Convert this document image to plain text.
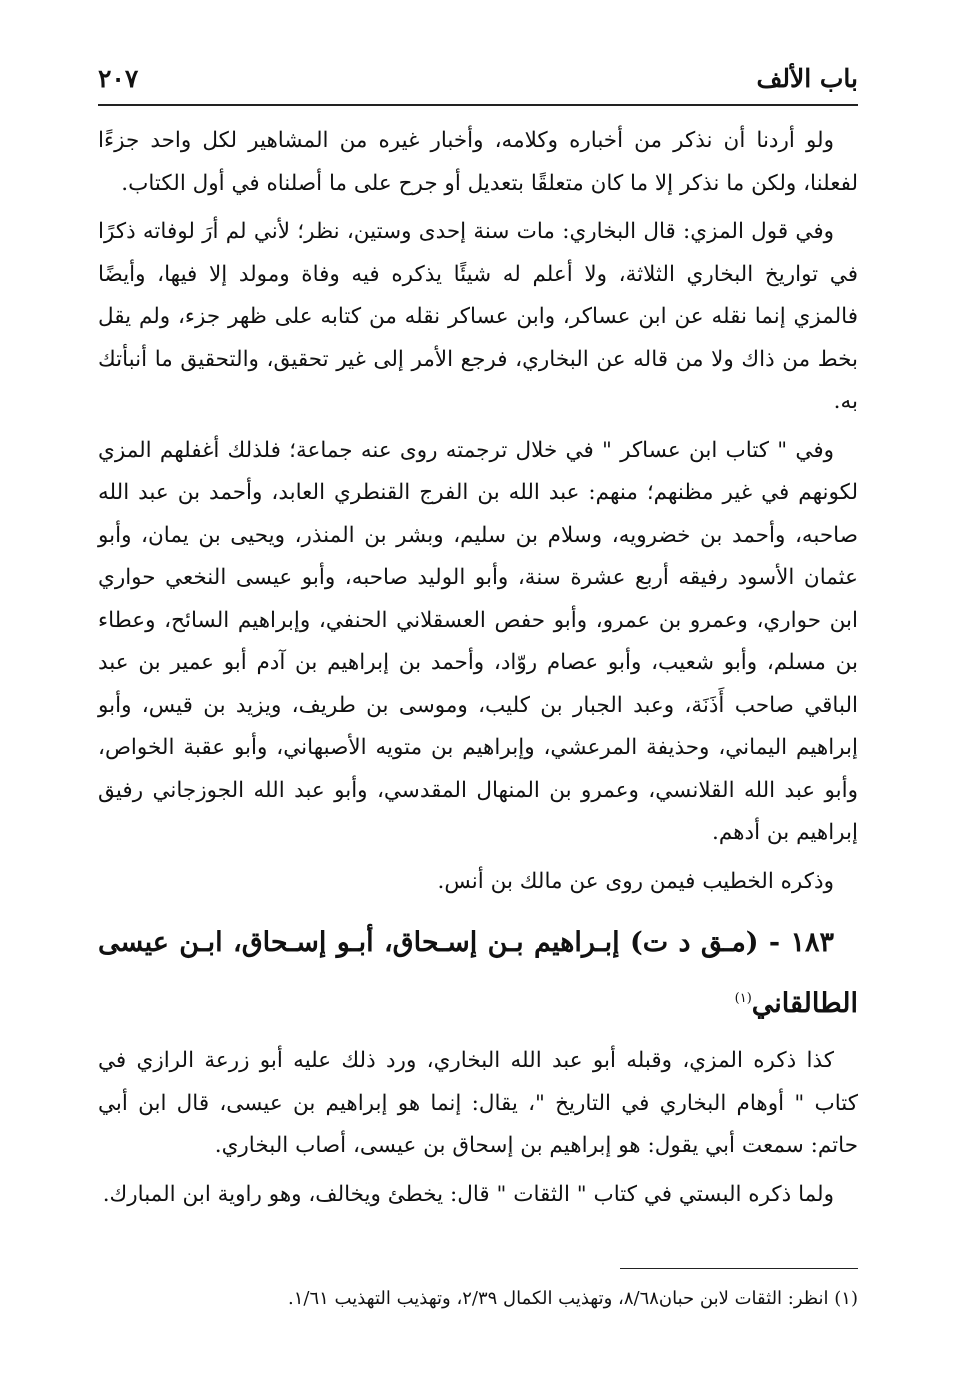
باب الألف
٢٠٧

ولو أردنا أن نذكر من أخباره وكلامه، وأخبار غيره من المشاهير لكل واحد جزءًا لفعلنا، ولكن ما نذكر إلا ما كان متعلقًا بتعديل أو جرح على ما أصلناه في أول الكتاب.

وفي قول المزي: قال البخاري: مات سنة إحدى وستين، نظر؛ لأني لم أرَ لوفاته ذكرًا في تواريخ البخاري الثلاثة، ولا أعلم له شيئًا يذكره فيه وفاة ومولد إلا فيها، وأيضًا فالمزي إنما نقله عن ابن عساكر، وابن عساكر نقله من كتابه على ظهر جزء، ولم يقل بخط من ذاك ولا من قاله عن البخاري، فرجع الأمر إلى غير تحقيق، والتحقيق ما أنبأتك به.

وفي " كتاب ابن عساكر " في خلال ترجمته روى عنه جماعة؛ فلذلك أغفلهم المزي لكونهم في غير مظنهم؛ منهم: عبد الله بن الفرج القنطري العابد، وأحمد بن عبد الله صاحبه، وأحمد بن خضرويه، وسلام بن سليم، وبشر بن المنذر، ويحيى بن يمان، وأبو عثمان الأسود رفيقه أربع عشرة سنة، وأبو الوليد صاحبه، وأبو عيسى النخعي حواري ابن حواري، وعمرو بن عمرو، وأبو حفص العسقلاني الحنفي، وإبراهيم السائح، وعطاء بن مسلم، وأبو شعيب، وأبو عصام روّاد، وأحمد بن إبراهيم بن آدم أبو عمير بن عبد الباقي صاحب أَذَنَة، وعبد الجبار بن كليب، وموسى بن طريف، ويزيد بن قيس، وأبو إبراهيم اليماني، وحذيفة المرعشي، وإبراهيم بن متويه الأصبهاني، وأبو عقبة الخواص، وأبو عبد الله القلانسي، وعمرو بن المنهال المقدسي، وأبو عبد الله الجوزجاني رفيق إبراهيم بن أدهم.

وذكره الخطيب فيمن روى عن مالك بن أنس.

١٨٣ - (مـق د ت) إبـراهيم بـن إسـحاق، أبـو إسـحاق، ابـن عيسى الطالقاني$^{(١)}$

كذا ذكره المزي، وقبله أبو عبد الله البخاري، ورد ذلك عليه أبو زرعة الرازي في كتاب " أوهام البخاري في التاريخ "، يقال: إنما هو إبراهيم بن عيسى، قال ابن أبي حاتم: سمعت أبي يقول: هو إبراهيم بن إسحاق بن عيسى، أصاب البخاري.

ولما ذكره البستي في كتاب " الثقات " قال: يخطئ ويخالف، وهو راوية ابن المبارك.

(١) انظر: الثقات لابن حبان٨/٦٨، وتهذيب الكمال ٢/٣٩، وتهذيب التهذيب ١/٦١.
